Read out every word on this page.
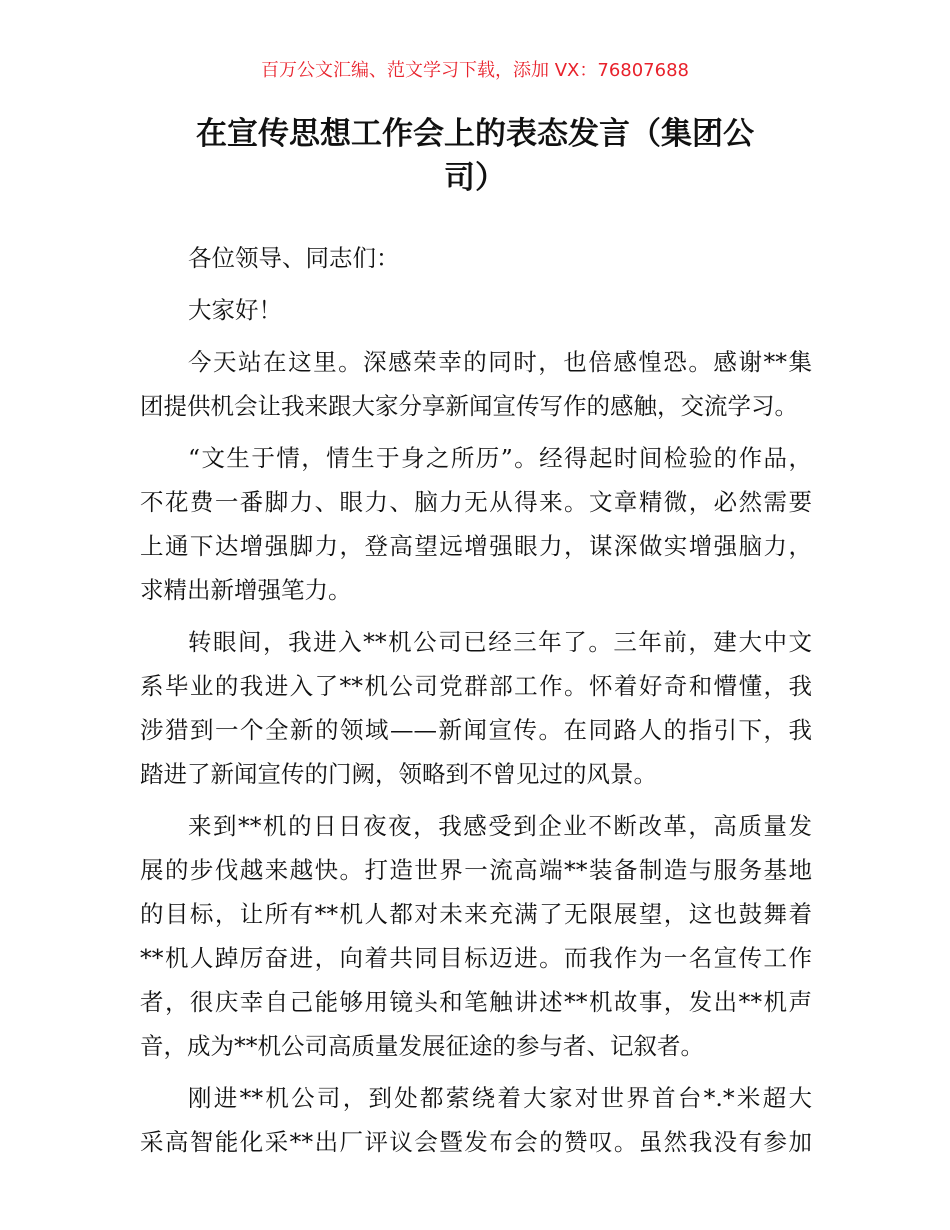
百万公文汇编、范文学习下载，添加 VX：76807688
在宣传思想工作会上的表态发言（集团公
司）
各位领导、同志们：
大家好！
今天站在这里。深感荣幸的同时，也倍感惶恐。感谢**集
团提供机会让我来跟大家分享新闻宣传写作的感触，交流学习。
“文生于情，情生于身之所历”。经得起时间检验的作品，
不花费一番脚力、眼力、脑力无从得来。文章精微，必然需要
上通下达增强脚力，登高望远增强眼力，谋深做实增强脑力，
求精出新增强笔力。
转眼间，我进入**机公司已经三年了。三年前，建大中文
系毕业的我进入了**机公司党群部工作。怀着好奇和懵懂，我
涉猎到一个全新的领域——新闻宣传。在同路人的指引下，我
踏进了新闻宣传的门阙，领略到不曾见过的风景。
来到**机的日日夜夜，我感受到企业不断改革，高质量发
展的步伐越来越快。打造世界一流高端**装备制造与服务基地
的目标，让所有**机人都对未来充满了无限展望，这也鼓舞着
**机人踔厉奋进，向着共同目标迈进。而我作为一名宣传工作
者，很庆幸自己能够用镜头和笔触讲述**机故事，发出**机声
音，成为**机公司高质量发展征途的参与者、记叙者。
刚进**机公司，到处都萦绕着大家对世界首台*.*米超大
采高智能化采**出厂评议会暨发布会的赞叹。虽然我没有参加
